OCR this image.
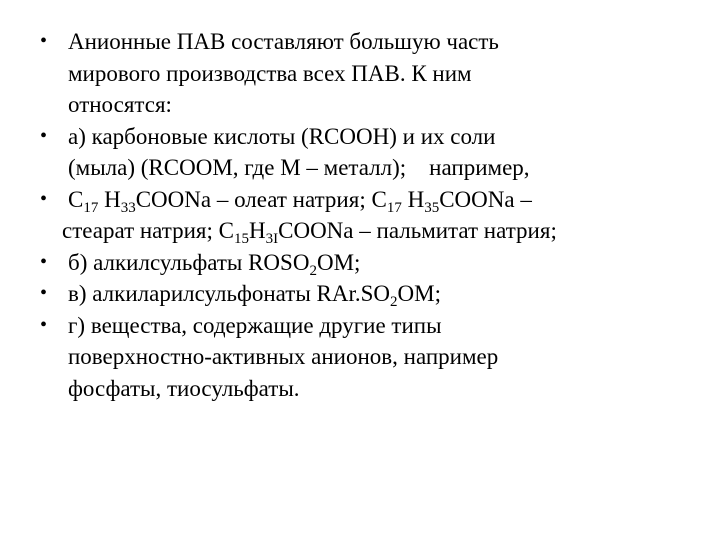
• Анионные ПАВ составляют большую часть
мирового производства всех ПАВ. К ним
относятся:
• а) карбоновые кислоты (RCOOH) и их соли
(мыла) (RCOOM, где M – металл);    например,
• $С_{17}$ $H_{33}COONa$ – олеат натрия; $С_{17}$ $H_{35}COONa$ –
стеарат натрия; $С_{15}H_{3I}COONa$ – пальмитат натрия;
• б) алкилсульфаты $ROSO_2OM$;
• в) алкиларилсульфонаты $RAr.SO_2OM$;
• г) вещества, содержащие другие типы
поверхностно-активных анионов, например
фосфаты, тиосульфаты.
